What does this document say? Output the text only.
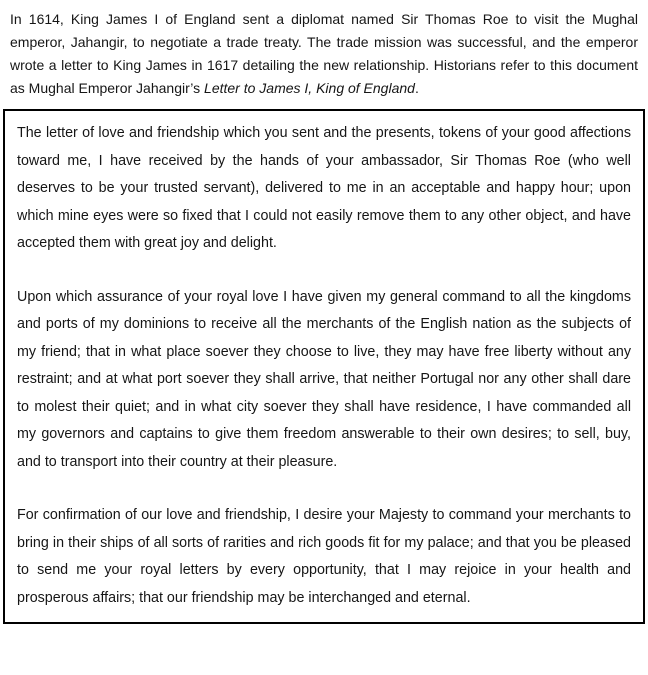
In 1614, King James I of England sent a diplomat named Sir Thomas Roe to visit the Mughal emperor, Jahangir, to negotiate a trade treaty. The trade mission was successful, and the emperor wrote a letter to King James in 1617 detailing the new relationship. Historians refer to this document as Mughal Emperor Jahangir’s Letter to James I, King of England.

The letter of love and friendship which you sent and the presents, tokens of your good affections toward me, I have received by the hands of your ambassador, Sir Thomas Roe (who well deserves to be your trusted servant), delivered to me in an acceptable and happy hour; upon which mine eyes were so fixed that I could not easily remove them to any other object, and have accepted them with great joy and delight.

Upon which assurance of your royal love I have given my general command to all the kingdoms and ports of my dominions to receive all the merchants of the English nation as the subjects of my friend; that in what place soever they choose to live, they may have free liberty without any restraint; and at what port soever they shall arrive, that neither Portugal nor any other shall dare to molest their quiet; and in what city soever they shall have residence, I have commanded all my governors and captains to give them freedom answerable to their own desires; to sell, buy, and to transport into their country at their pleasure.

For confirmation of our love and friendship, I desire your Majesty to command your merchants to bring in their ships of all sorts of rarities and rich goods fit for my palace; and that you be pleased to send me your royal letters by every opportunity, that I may rejoice in your health and prosperous affairs; that our friendship may be interchanged and eternal.
